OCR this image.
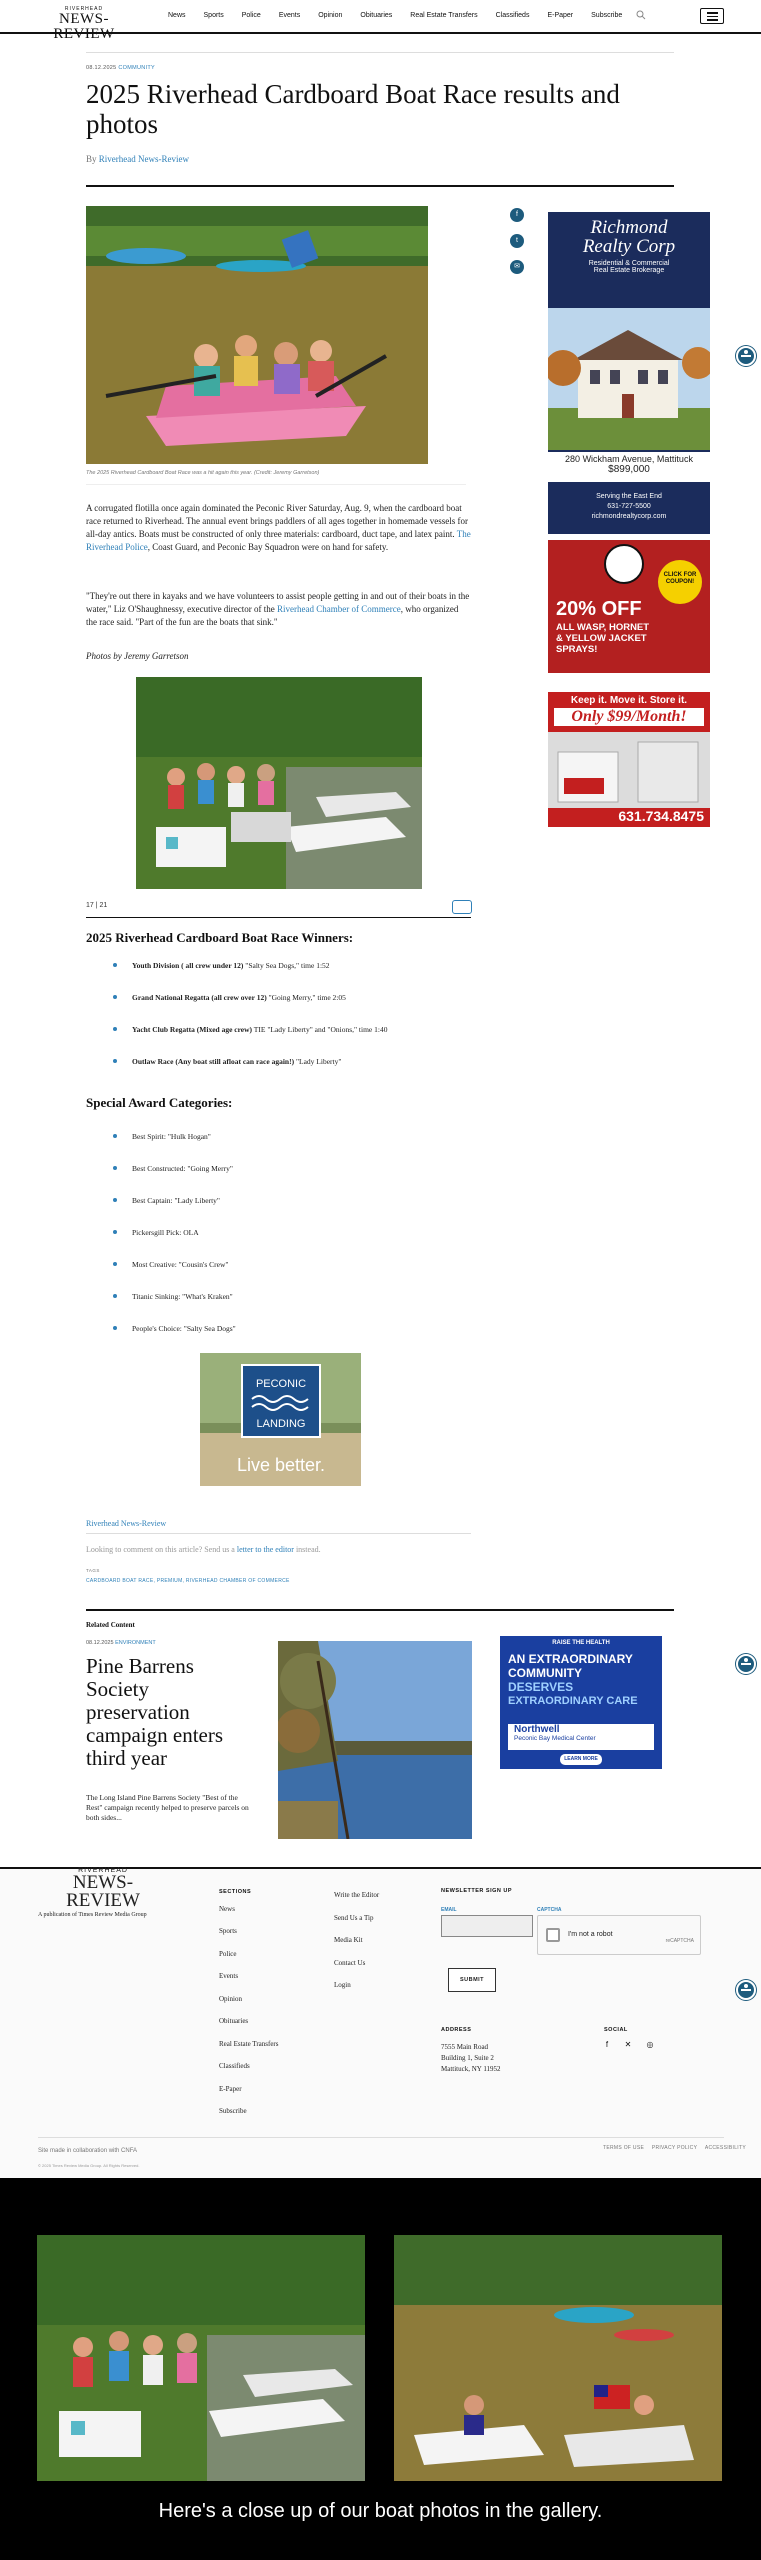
RIVERHEAD
NEWS-REVIEW
News	Sports	Police	Events	Opinion	Obituaries	Real Estate Transfers	Classifieds	E-Paper	Subscribe
08.12.2025 COMMUNITY
2025 Riverhead Cardboard Boat Race results and photos
By Riverhead News-Review
f
t
✉
The 2025 Riverhead Cardboard Boat Race was a hit again this year. (Credit: Jeremy Garretson)

A corrugated flotilla once again dominated the Peconic River Saturday, Aug. 9, when the cardboard boat race returned to Riverhead. The annual event brings paddlers of all ages together in homemade vessels for all-day antics. Boats must be constructed of only three materials: cardboard, duct tape, and latex paint. The Riverhead Police, Coast Guard, and Peconic Bay Squadron were on hand for safety.

"They're out there in kayaks and we have volunteers to assist people getting in and out of their boats in the water," Liz O'Shaughnessy, executive director of the Riverhead Chamber of Commerce, who organized the race said. "Part of the fun are the boats that sink."

Photos by Jeremy Garretson
17 | 21
2025 Riverhead Cardboard Boat Race Winners:
Youth Division ( all crew under 12) "Salty Sea Dogs," time 1:52
Grand National Regatta (all crew over 12) "Going Merry," time 2:05
Yacht Club Regatta (Mixed age crew) TIE "Lady Liberty" and "Onions," time 1:40
Outlaw Race (Any boat still afloat can race again!) "Lady Liberty"
Special Award Categories:
Best Spirit: "Hulk Hogan"
Best Constructed: "Going Merry"
Best Captain: "Lady Liberty"
Pickersgill Pick: OLA
Most Creative: "Cousin's Crew"
Titanic Sinking: "What's Kraken"
People's Choice: "Salty Sea Dogs"
PECONIC
LANDING
Live better.
Riverhead News-Review
Looking to comment on this article? Send us a letter to the editor instead.
TAGS
CARDBOARD BOAT RACE, PREMIUM, RIVERHEAD CHAMBER OF COMMERCE
Richmond
Realty Corp
Residential & Commercial
Real Estate Brokerage
280 Wickham Avenue, Mattituck
$899,000
Serving the East End
631-727-5500
richmondrealtycorp.com
CLICK FOR COUPON!
20% OFF
ALL WASP, HORNET
& YELLOW JACKET
SPRAYS!
Keep it. Move it. Store it.
Only $99/Month!
631.734.8475
Related Content
08.12.2025 ENVIRONMENT
Pine Barrens Society preservation campaign enters third year
The Long Island Pine Barrens Society "Best of the Rest" campaign recently helped to preserve parcels on both sides...
RAISE THE HEALTH
AN EXTRAORDINARY
COMMUNITY
DESERVES
EXTRAORDINARY CARE
Northwell
Peconic Bay Medical Center
LEARN MORE
RIVERHEAD
NEWS-REVIEW
A publication of Times Review Media Group
SECTIONS
News
Sports
Police
Events
Opinion
Obituaries
Real Estate Transfers
Classifieds
E-Paper
Subscribe
Write the Editor
Send Us a Tip
Media Kit
Contact Us
Login
NEWSLETTER SIGN UP
EMAIL	CAPTCHA
I'm not a robot
reCAPTCHA
SUBMIT
ADDRESS
7555 Main Road
Building 1, Suite 2
Mattituck, NY 11952
SOCIAL
f	✕ ◎
Site made in collaboration with CNFA
© 2025 Times Review Media Group. All Rights Reserved.
TERMS OF USE PRIVACY POLICY ACCESSIBILITY
Here's a close up of our boat photos in the gallery.
